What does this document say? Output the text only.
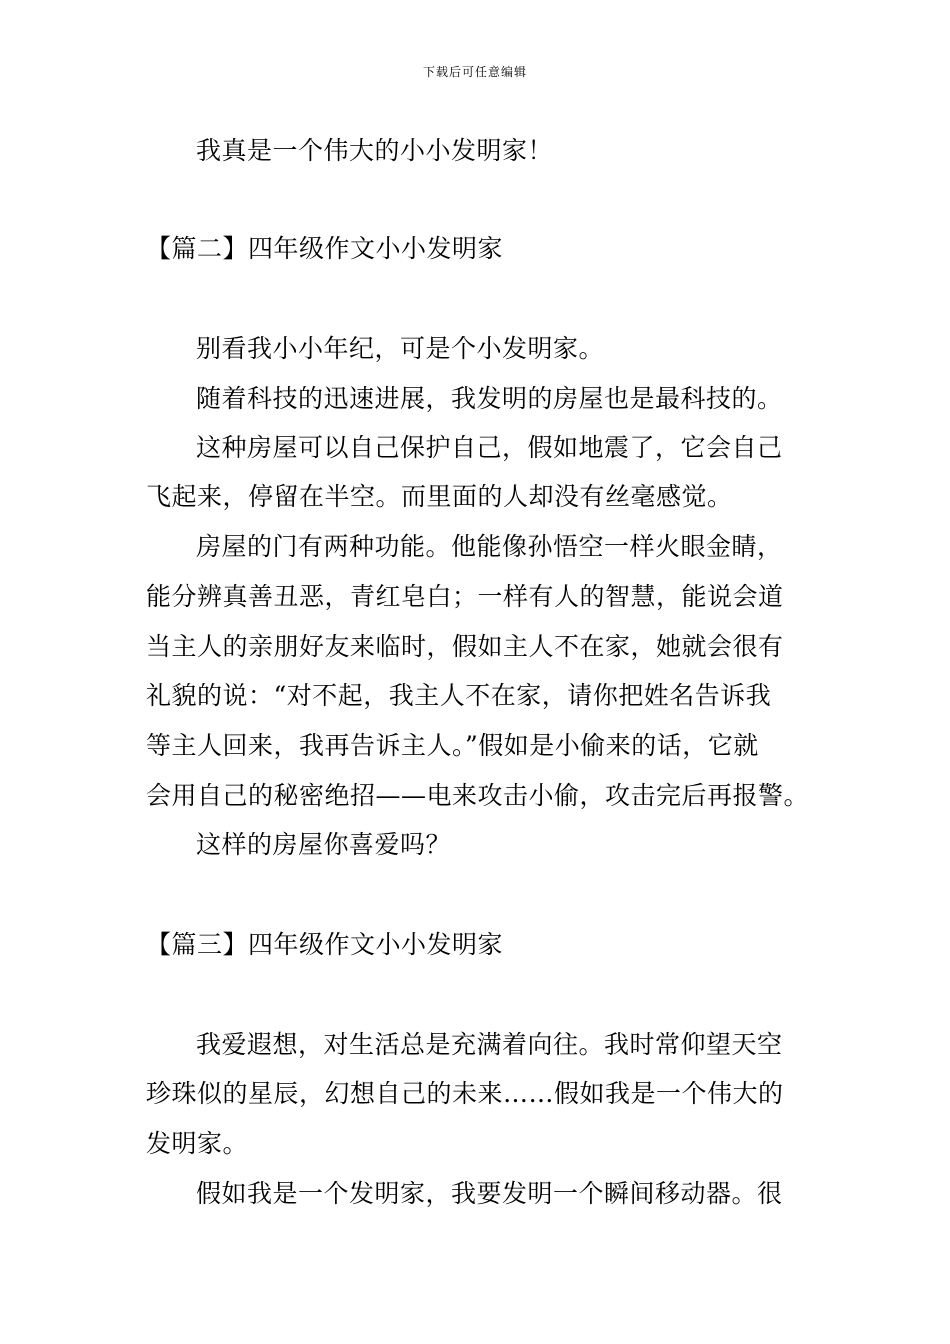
下载后可任意编辑
我真是一个伟大的小小发明家！
【篇二】四年级作文小小发明家
别看我小小年纪，可是个小发明家。
随着科技的迅速进展，我发明的房屋也是最科技的。
这种房屋可以自己保护自己，假如地震了，它会自己
飞起来，停留在半空。而里面的人却没有丝毫感觉。
房屋的门有两种功能。他能像孙悟空一样火眼金睛，
能分辨真善丑恶，青红皂白；一样有人的智慧，能说会道
当主人的亲朋好友来临时，假如主人不在家，她就会很有
礼貌的说：“对不起，我主人不在家，请你把姓名告诉我
等主人回来，我再告诉主人。”假如是小偷来的话，它就
会用自己的秘密绝招——电来攻击小偷，攻击完后再报警。
这样的房屋你喜爱吗？
【篇三】四年级作文小小发明家
我爱遐想，对生活总是充满着向往。我时常仰望天空
珍珠似的星辰，幻想自己的未来……假如我是一个伟大的
发明家。
假如我是一个发明家，我要发明一个瞬间移动器。很
